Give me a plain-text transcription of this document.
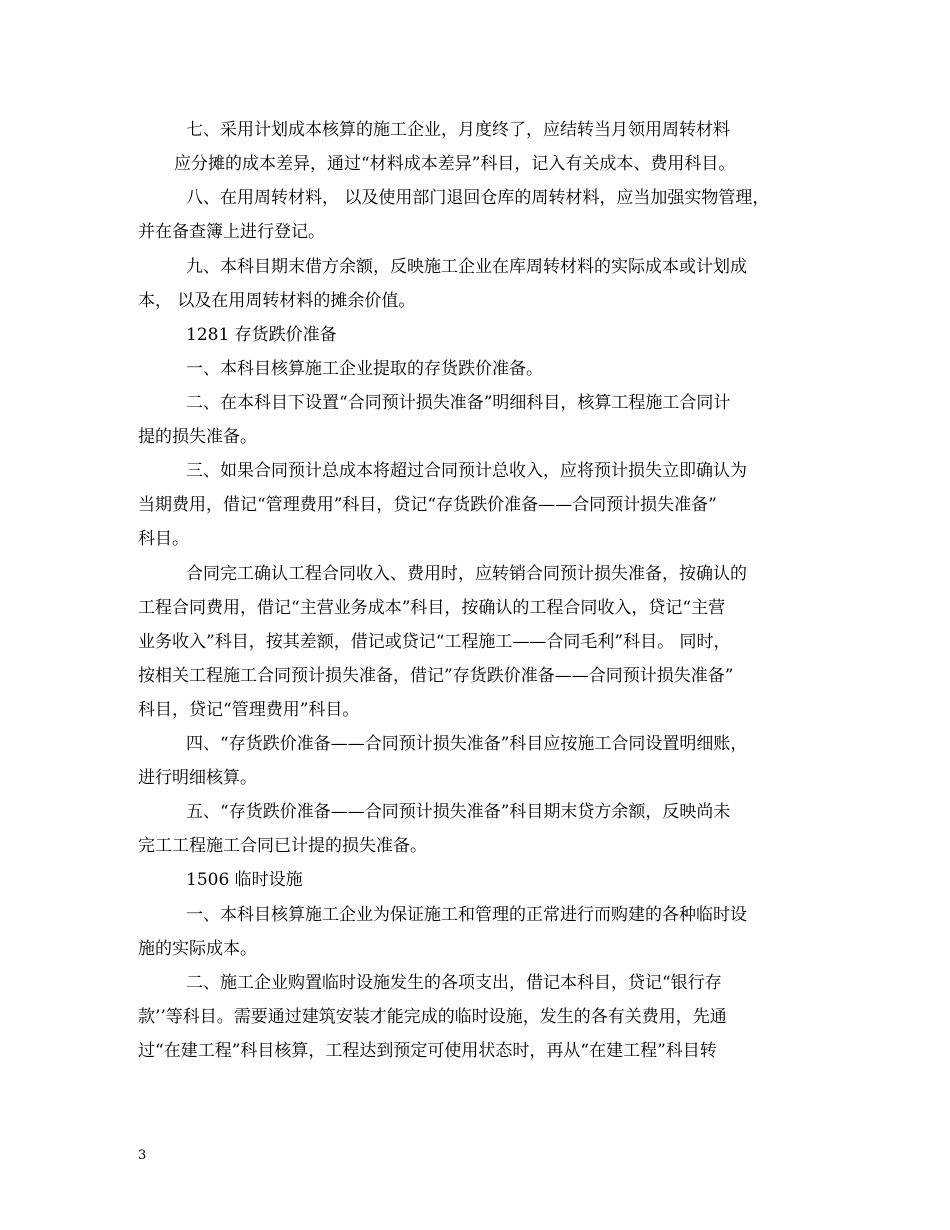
七、采用计划成本核算的施工企业，月度终了，应结转当月领用周转材料
应分摊的成本差异，通过“材料成本差异”科目，记入有关成本、费用科目。
八、在用周转材料， 以及使用部门退回仓库的周转材料，应当加强实物管理，
并在备查簿上进行登记。
九、本科目期末借方余额，反映施工企业在库周转材料的实际成本或计划成
本， 以及在用周转材料的摊余价值。
1281 存货跌价准备
一、本科目核算施工企业提取的存货跌价准备。
二、在本科目下设置“合同预计损失准备”明细科目，核算工程施工合同计
提的损失准备。
三、如果合同预计总成本将超过合同预计总收入，应将预计损失立即确认为
当期费用，借记“管理费用”科目，贷记“存货跌价准备——合同预计损失准备”
科目。
合同完工确认工程合同收入、费用时，应转销合同预计损失准备，按确认的
工程合同费用，借记“主营业务成本”科目，按确认的工程合同收入，贷记“主营
业务收入”科目，按其差额，借记或贷记“工程施工——合同毛利”科目。 同时，
按相关工程施工合同预计损失准备，借记”存货跌价准备——合同预计损失准备”
科目，贷记“管理费用”科目。
四、“存货跌价准备——合同预计损失准备”科目应按施工合同设置明细账，
进行明细核算。
五、“存货跌价准备——合同预计损失准备”科目期末贷方余额，反映尚未
完工工程施工合同已计提的损失准备。
1506 临时设施
一、本科目核算施工企业为保证施工和管理的正常进行而购建的各种临时设
施的实际成本。
二、施工企业购置临时设施发生的各项支出，借记本科目，贷记“银行存
款’’等科目。需要通过建筑安装才能完成的临时设施，发生的各有关费用，先通
过“在建工程”科目核算，工程达到预定可使用状态时，再从“在建工程”科目转
3
